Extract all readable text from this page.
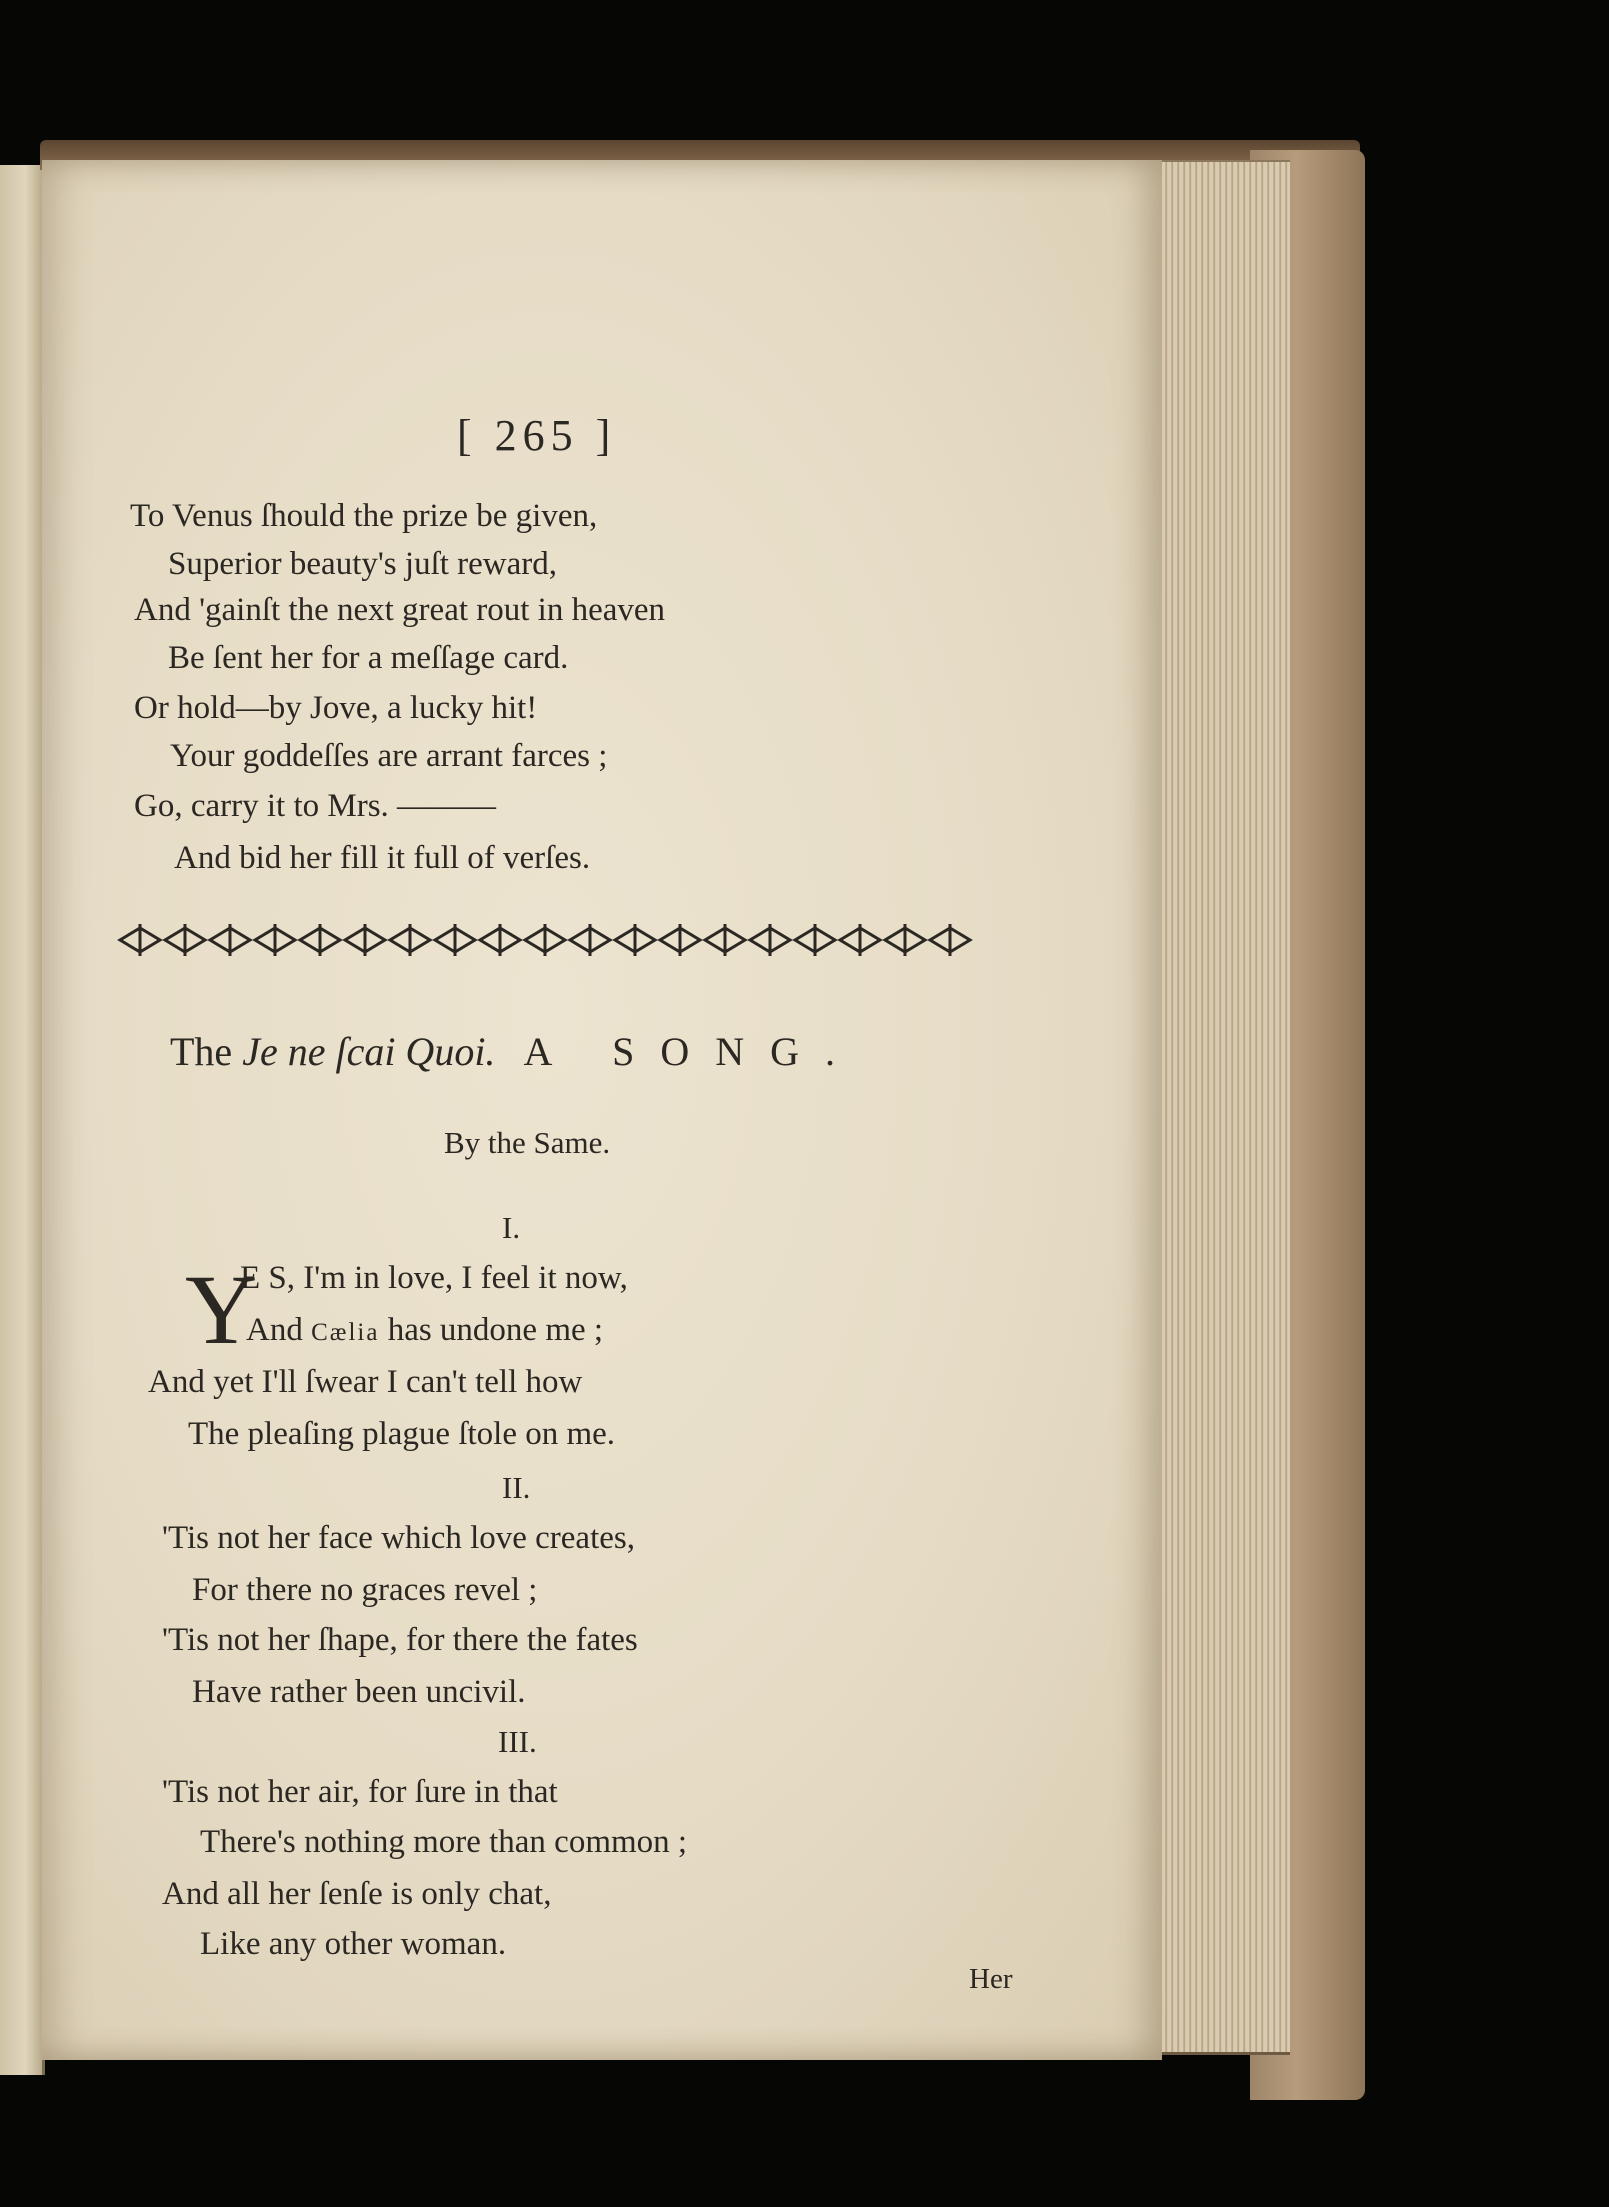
[ 265 ]
To Venus ſhould the prize be given,
Superior beauty's juſt reward,
And 'gainſt the next great rout in heaven
Be ſent her for a meſſage card.
Or hold—by Jove, a lucky hit!
Your goddeſſes are arrant farces ;
Go, carry it to Mrs. ———
And bid her fill it full of verſes.
The Je ne ſcai Quoi. A SONG.
By the Same.
I.
Y
E S, I'm in love, I feel it now,
And Cælia has undone me ;
And yet I'll ſwear I can't tell how
The pleaſing plague ſtole on me.
II.
'Tis not her face which love creates,
For there no graces revel ;
'Tis not her ſhape, for there the fates
Have rather been uncivil.
III.
'Tis not her air, for ſure in that
There's nothing more than common ;
And all her ſenſe is only chat,
Like any other woman.
Her
